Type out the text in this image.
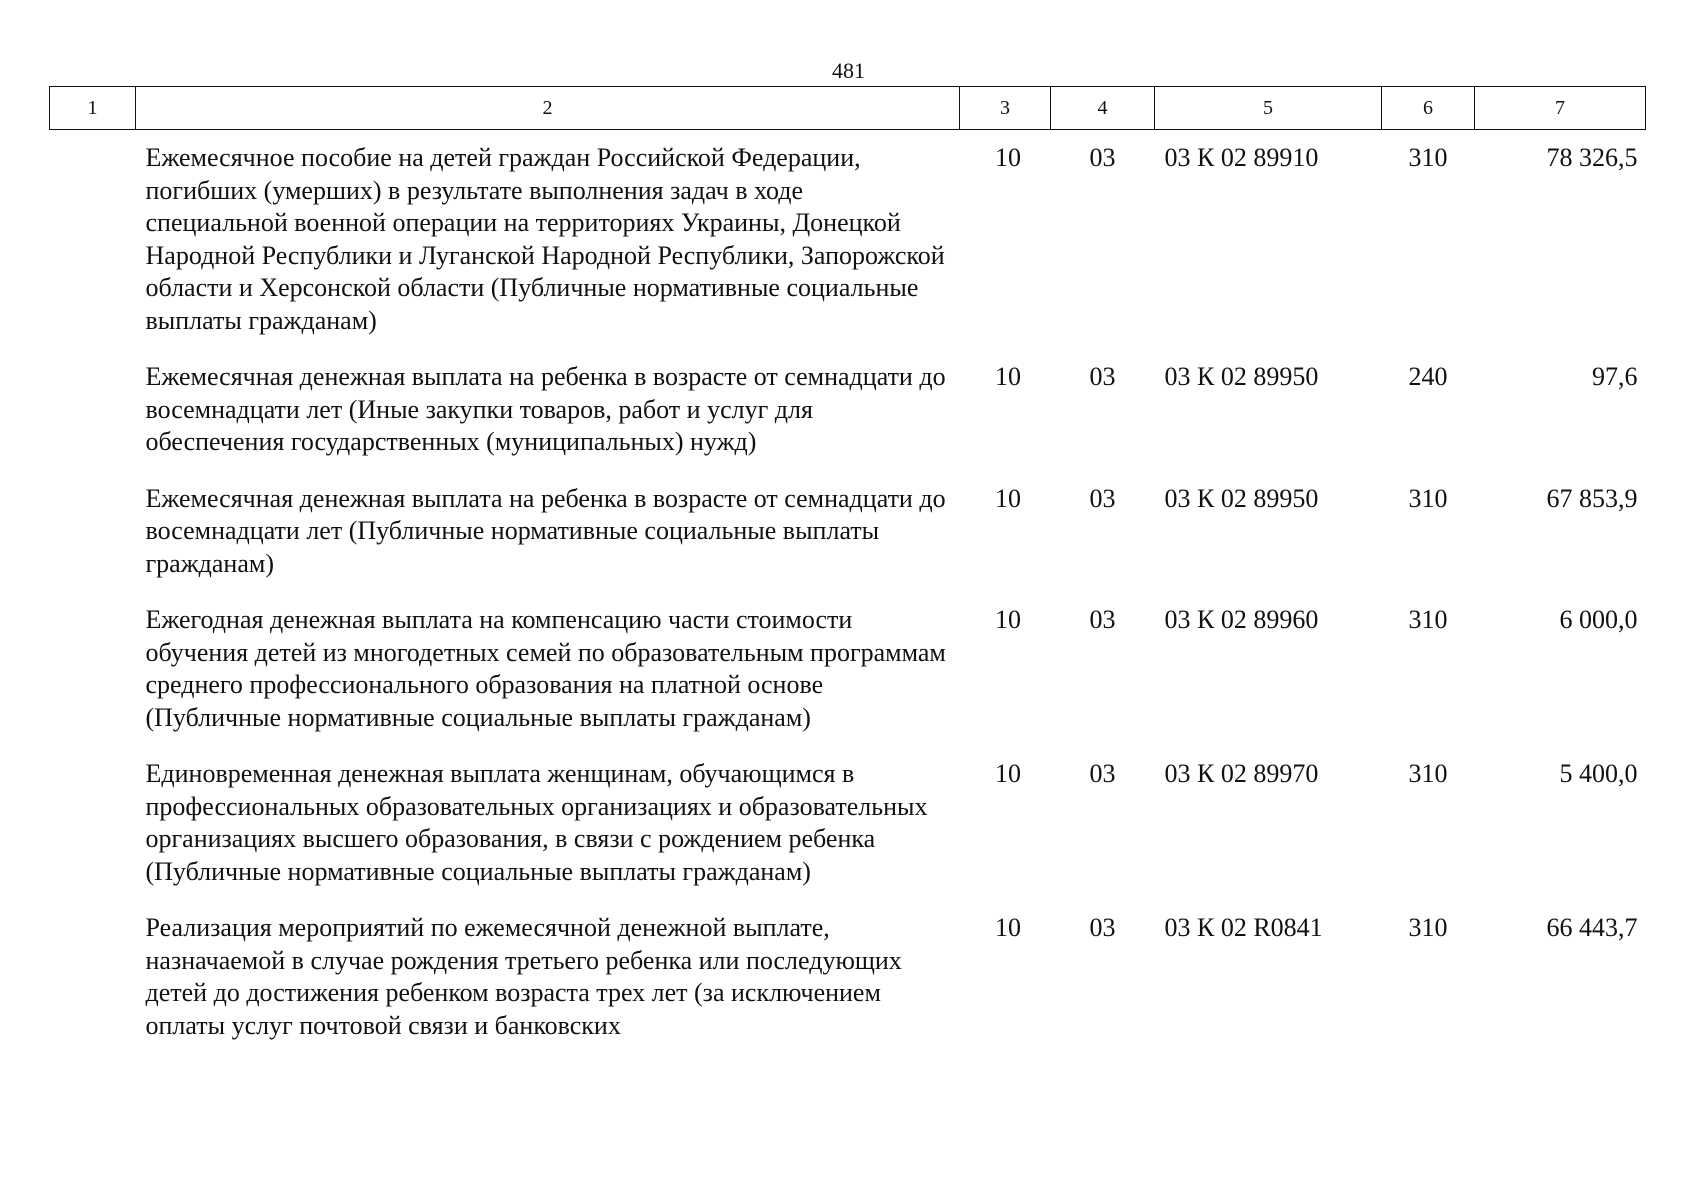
481
1	2	3	4	5	6	7
	Ежемесячное пособие на детей граждан Российской Федерации, погибших (умерших) в результате выполнения задач в ходе специальной военной операции на территориях Украины, Донецкой Народной Республики и Луганской Народной Республики, Запорожской области и Херсонской области (Публичные нормативные социальные выплаты гражданам)	10	03	03 К 02 89910	310	78 326,5
	Ежемесячная денежная выплата на ребенка в возрасте от семнадцати до восемнадцати лет (Иные закупки товаров, работ и услуг для обеспечения государственных (муниципальных) нужд)	10	03	03 К 02 89950	240	97,6
	Ежемесячная денежная выплата на ребенка в возрасте от семнадцати до восемнадцати лет (Публичные нормативные социальные выплаты гражданам)	10	03	03 К 02 89950	310	67 853,9
	Ежегодная денежная выплата на компенсацию части стоимости обучения детей из многодетных семей по образовательным программам среднего профессионального образования на платной основе (Публичные нормативные социальные выплаты гражданам)	10	03	03 К 02 89960	310	6 000,0
	Единовременная денежная выплата женщинам, обучающимся в профессиональных образовательных организациях и образовательных организациях высшего образования, в связи с рождением ребенка (Публичные нормативные социальные выплаты гражданам)	10	03	03 К 02 89970	310	5 400,0
	Реализация мероприятий по ежемесячной денежной выплате, назначаемой в случае рождения третьего ребенка или последующих детей до достижения ребенком возраста трех лет (за исключением оплаты услуг почтовой связи и банковских	10	03	03 К 02 R0841	310	66 443,7
